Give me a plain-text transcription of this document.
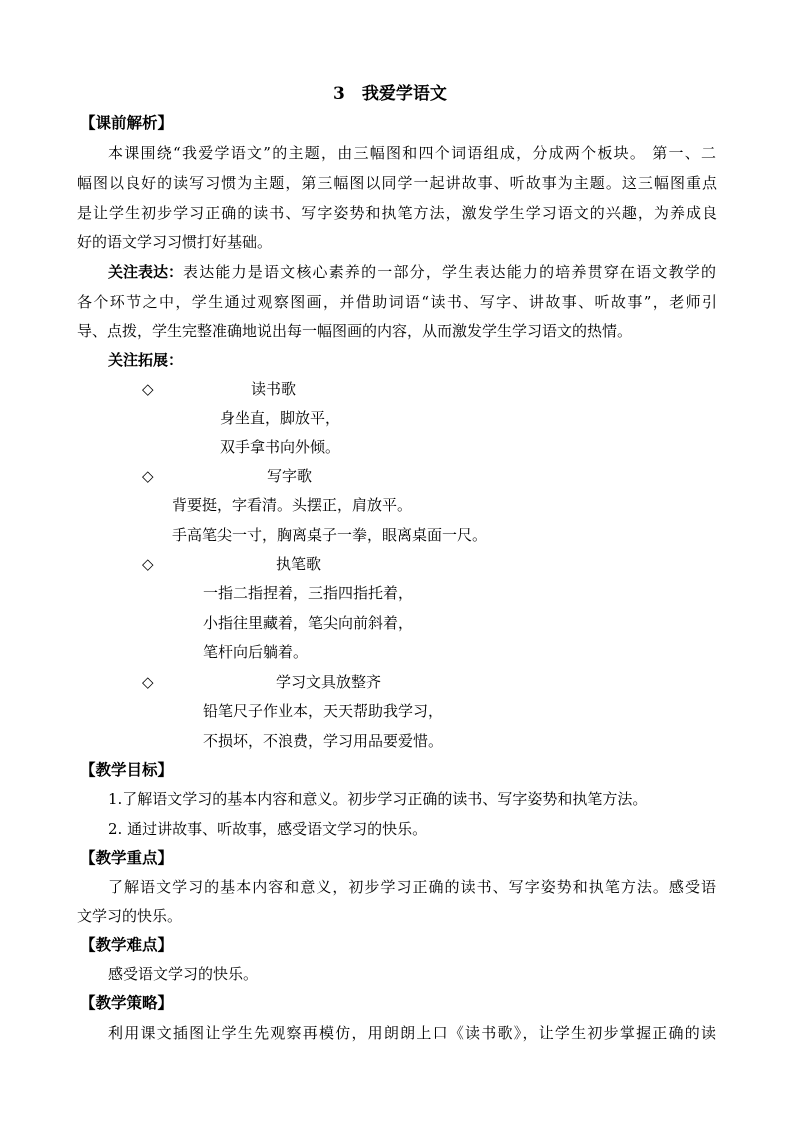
3　我爱学语文
【课前解析】
本课围绕“我爱学语文”的主题，由三幅图和四个词语组成，分成两个板块。 第一、二
幅图以良好的读写习惯为主题，第三幅图以同学一起讲故事、听故事为主题。这三幅图重点
是让学生初步学习正确的读书、写字姿势和执笔方法，激发学生学习语文的兴趣，为养成良
好的语文学习习惯打好基础。
关注表达： 表达能力是语文核心素养的一部分，学生表达能力的培养贯穿在语文教学的
各个环节之中，学生通过观察图画，并借助词语“读书、写字、讲故事、听故事”，老师引
导、点拨，学生完整准确地说出每一幅图画的内容，从而激发学生学习语文的热情。
关注拓展：
◇	读书歌
身坐直，脚放平，
双手拿书向外倾。
◇	写字歌
背要挺，字看清。头摆正，肩放平。
手高笔尖一寸，胸离桌子一拳，眼离桌面一尺。
◇	执笔歌
一指二指捏着，三指四指托着，
小指往里藏着，笔尖向前斜着，
笔杆向后躺着。
◇	学习文具放整齐
铅笔尺子作业本，天天帮助我学习，
不损坏，不浪费，学习用品要爱惜。
【教学目标】
1.了解语文学习的基本内容和意义。初步学习正确的读书、写字姿势和执笔方法。
2. 通过讲故事、听故事，感受语文学习的快乐。
【教学重点】
了解语文学习的基本内容和意义，初步学习正确的读书、写字姿势和执笔方法。感受语
文学习的快乐。
【教学难点】
感受语文学习的快乐。
【教学策略】
利用课文插图让学生先观察再模仿，用朗朗上口《读书歌》，让学生初步掌握正确的读
